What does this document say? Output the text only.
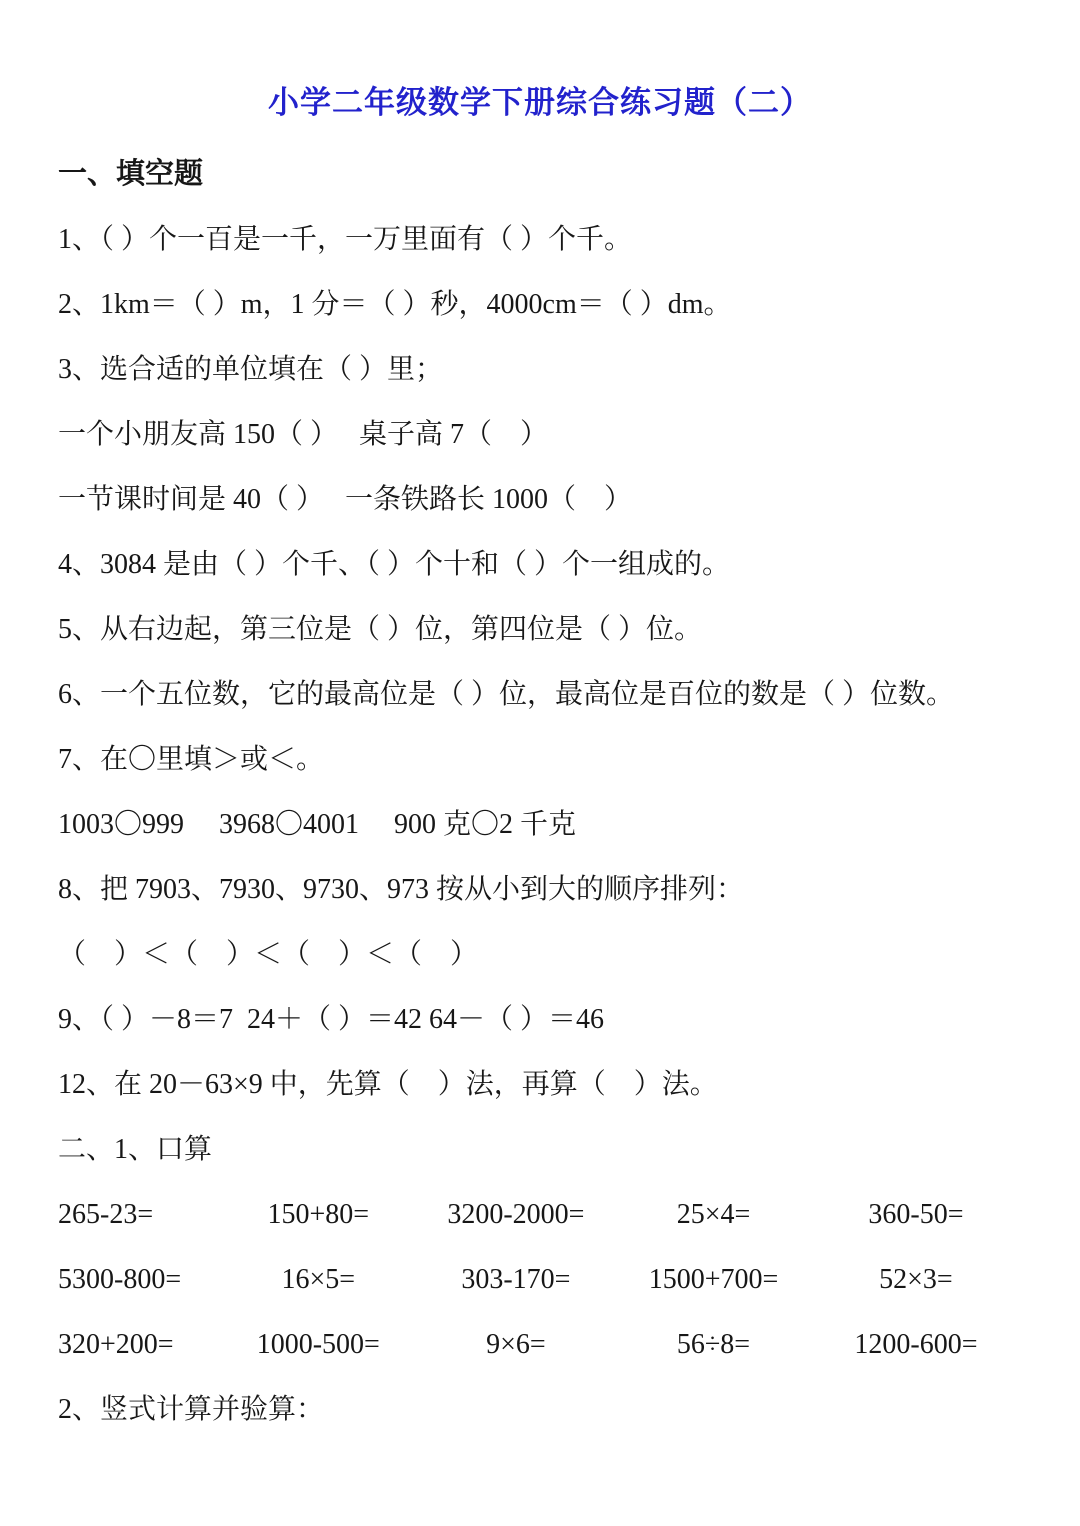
小学二年级数学下册综合练习题（二）
一、填空题
1、（ ）个一百是一千，一万里面有（ ）个千。
2、1km＝（ ）m，1 分＝（ ）秒，4000cm＝（ ）dm。
3、选合适的单位填在（ ）里；
一个小朋友高 150（ ）　 桌子高 7（　）
一节课时间是 40（ ）　 一条铁路长 1000（　）
4、3084 是由（ ）个千、（ ）个十和（ ）个一组成的。
5、从右边起，第三位是（ ）位，第四位是（ ）位。
6、一个五位数，它的最高位是（ ）位，最高位是百位的数是（ ）位数。
7、在〇里填＞或＜。
1003〇999　 3968〇4001　 900 克〇2 千克
8、把 7903、7930、9730、973 按从小到大的顺序排列：
（　）＜（　）＜（　）＜（　）
9、（ ）－8＝7  24＋（ ）＝42 64－（ ）＝46
12、在 20－63×9 中，先算（　）法，再算（　）法。
二、1、口算
265-23=	150+80=	3200-2000=	25×4=	360-50=
5300-800=	16×5=	303-170=	1500+700=	52×3=
320+200=	1000-500=	9×6=	56÷8=	1200-600=
2、竖式计算并验算：
